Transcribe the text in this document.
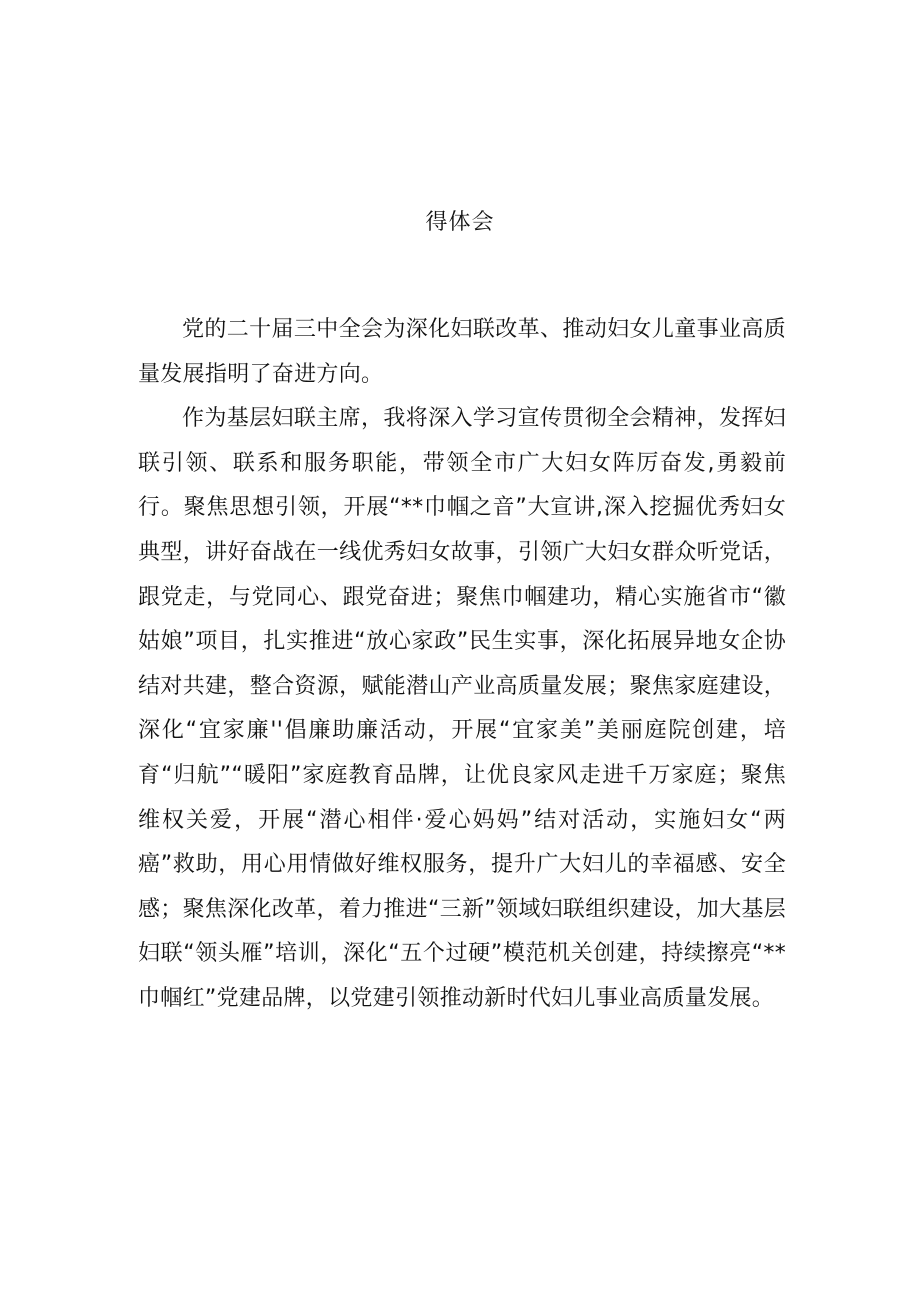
得体会

党的二十届三中全会为深化妇联改革、推动妇女儿童事业高质量发展指明了奋进方向。

作为基层妇联主席，我将深入学习宣传贯彻全会精神，发挥妇联引领、联系和服务职能，带领全市广大妇女阵厉奋发,勇毅前行。聚焦思想引领，开展“**巾帼之音”大宣讲,深入挖掘优秀妇女典型，讲好奋战在一线优秀妇女故事，引领广大妇女群众听党话，跟党走，与党同心、跟党奋进；聚焦巾帼建功，精心实施省市“徽姑娘”项目，扎实推进“放心家政”民生实事，深化拓展异地女企协结对共建，整合资源，赋能潜山产业高质量发展；聚焦家庭建设，深化“宜家廉''倡廉助廉活动，开展“宜家美”美丽庭院创建，培育“归航”“暖阳”家庭教育品牌，让优良家风走进千万家庭；聚焦维权关爱，开展“潜心相伴·爱心妈妈”结对活动，实施妇女“两癌”救助，用心用情做好维权服务，提升广大妇儿的幸福感、安全感；聚焦深化改革，着力推进“三新”领域妇联组织建设，加大基层妇联“领头雁”培训，深化“五个过硬”模范机关创建，持续擦亮“**巾帼红”党建品牌，以党建引领推动新时代妇儿事业高质量发展。
